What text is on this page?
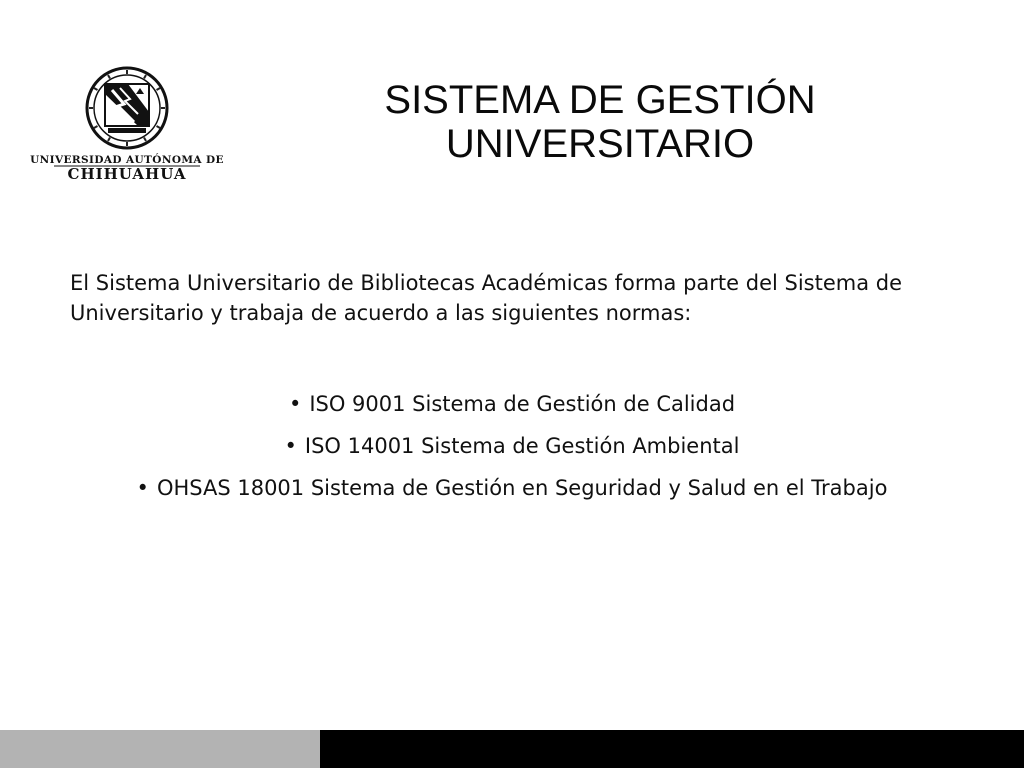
UNIVERSIDAD AUTÓNOMA DE
CHIHUAHUA
SISTEMA DE GESTIÓN
UNIVERSITARIO
El Sistema Universitario de Bibliotecas Académicas forma parte del Sistema de Universitario y trabaja de acuerdo a las siguientes normas:
• ISO 9001 Sistema de Gestión de Calidad
• ISO 14001 Sistema de Gestión Ambiental
• OHSAS 18001 Sistema de Gestión en Seguridad y Salud en el Trabajo
